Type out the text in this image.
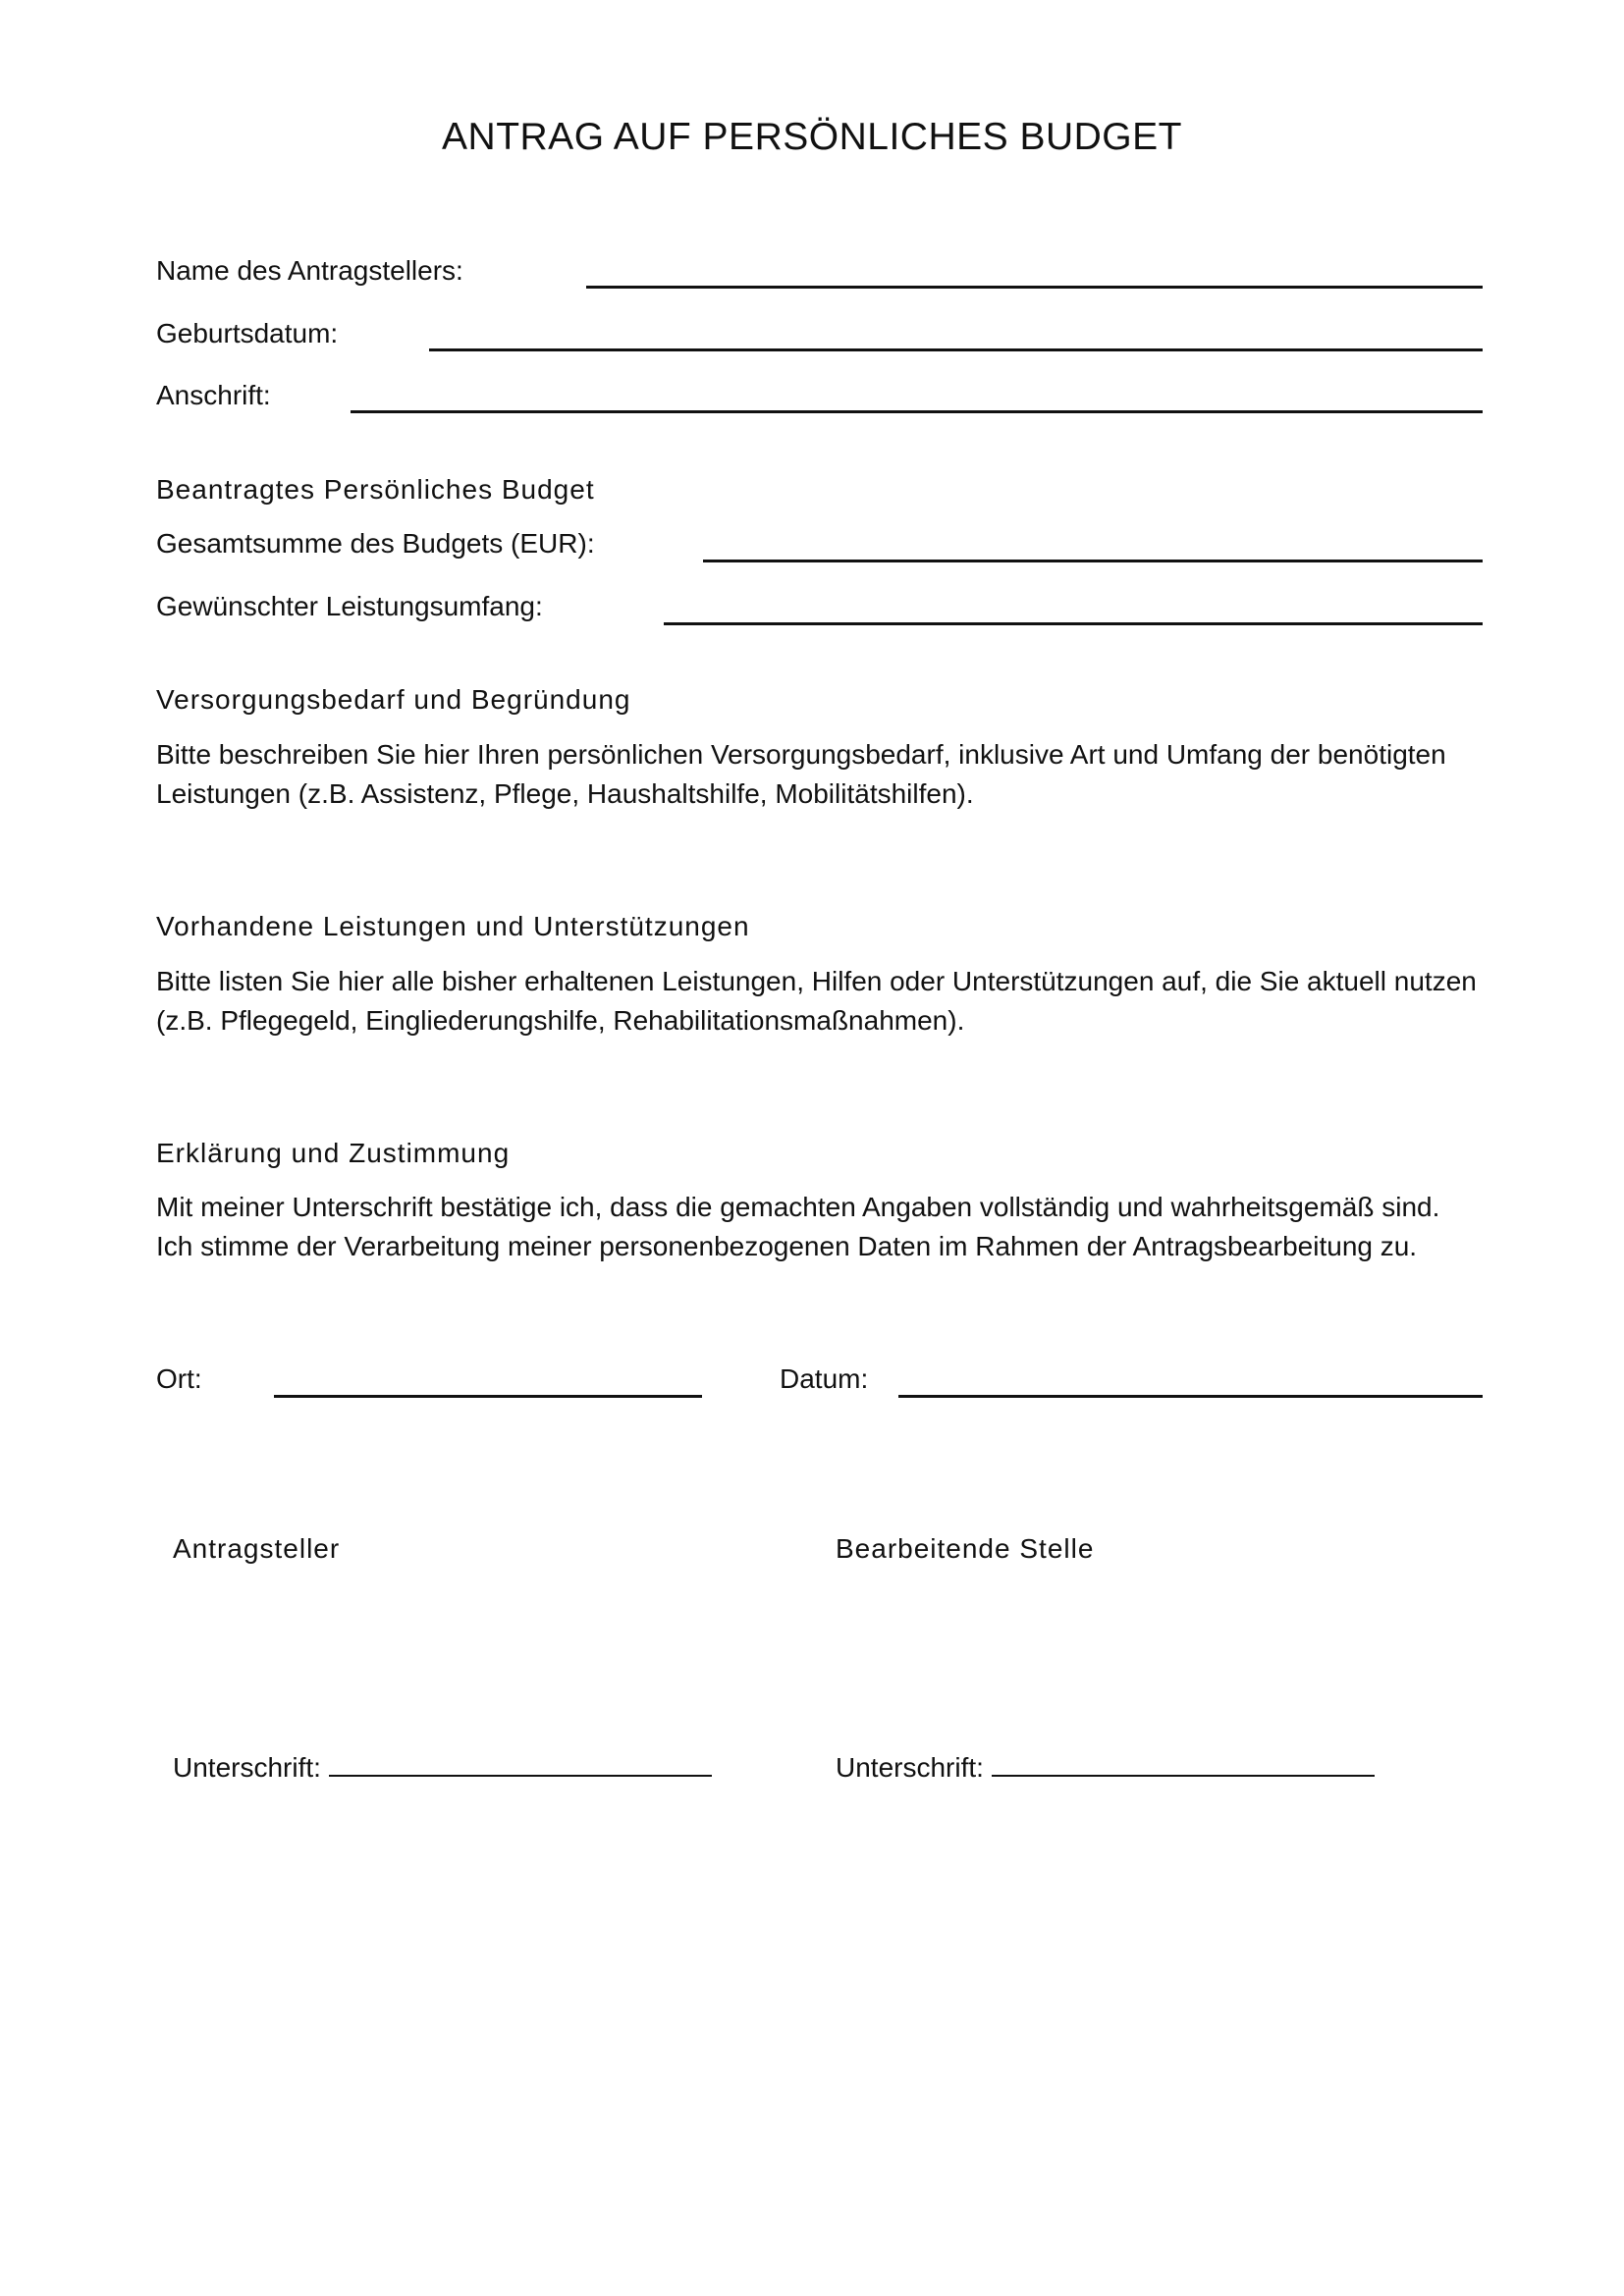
ANTRAG AUF PERSÖNLICHES BUDGET
Name des Antragstellers:
Geburtsdatum:
Anschrift:
Beantragtes Persönliches Budget
Gesamtsumme des Budgets (EUR):
Gewünschter Leistungsumfang:
Versorgungsbedarf und Begründung
Bitte beschreiben Sie hier Ihren persönlichen Versorgungsbedarf, inklusive Art und Umfang der benötigten
Leistungen (z.B. Assistenz, Pflege, Haushaltshilfe, Mobilitätshilfen).
Vorhandene Leistungen und Unterstützungen
Bitte listen Sie hier alle bisher erhaltenen Leistungen, Hilfen oder Unterstützungen auf, die Sie aktuell nutzen
(z.B. Pflegegeld, Eingliederungshilfe, Rehabilitationsmaßnahmen).
Erklärung und Zustimmung
Mit meiner Unterschrift bestätige ich, dass die gemachten Angaben vollständig und wahrheitsgemäß sind.
Ich stimme der Verarbeitung meiner personenbezogenen Daten im Rahmen der Antragsbearbeitung zu.
Ort:	Datum:
Antragsteller	Bearbeitende Stelle
Unterschrift:	Unterschrift:
